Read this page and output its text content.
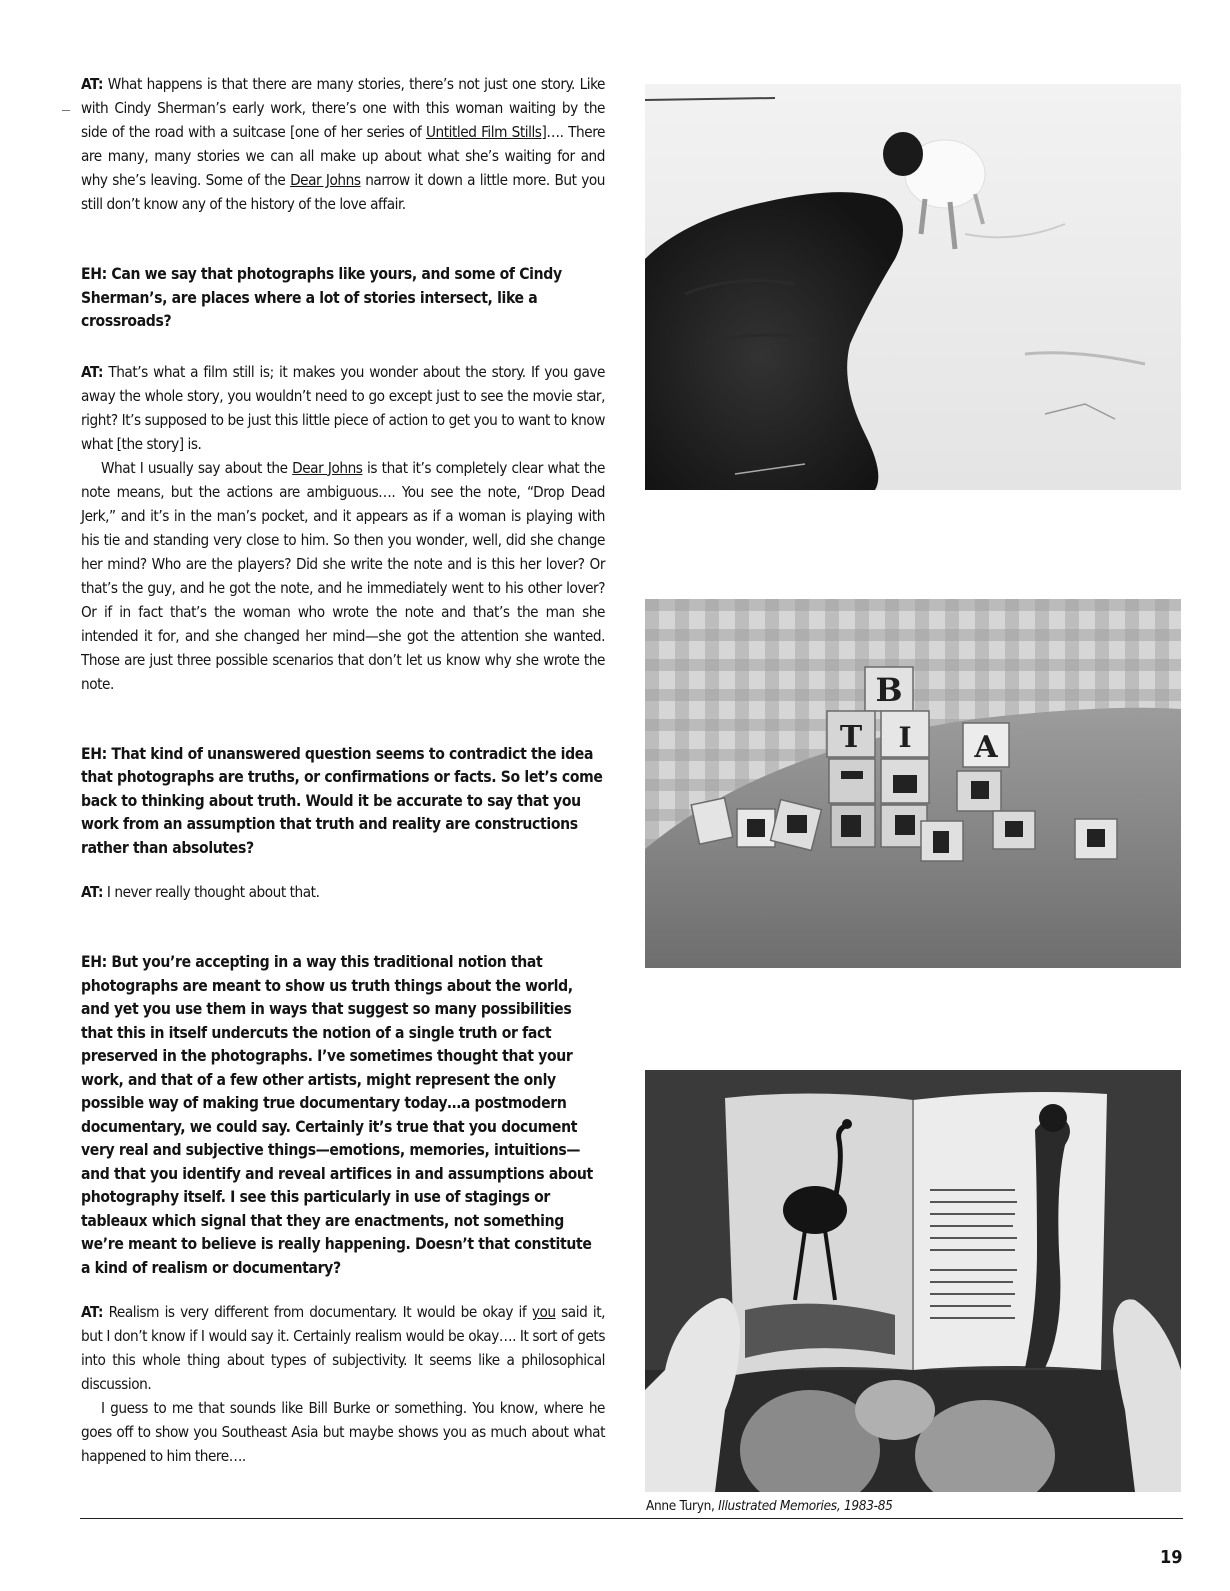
AT: What happens is that there are many stories, there’s not just one story. Like with Cindy Sherman’s early work, there’s one with this woman waiting by the side of the road with a suitcase [one of her series of Untitled Film Stills]…. There are many, many stories we can all make up about what she’s waiting for and why she’s leaving. Some of the Dear Johns narrow it down a little more. But you still don’t know any of the history of the love affair.

EH: Can we say that photographs like yours, and some of Cindy Sherman’s, are places where a lot of stories intersect, like a crossroads?

AT: That’s what a film still is; it makes you wonder about the story. If you gave away the whole story, you wouldn’t need to go except just to see the movie star, right? It’s supposed to be just this little piece of action to get you to want to know what [the story] is.

What I usually say about the Dear Johns is that it’s completely clear what the note means, but the actions are ambiguous…. You see the note, “Drop Dead Jerk,” and it’s in the man’s pocket, and it appears as if a woman is playing with his tie and standing very close to him. So then you wonder, well, did she change her mind? Who are the players? Did she write the note and is this her lover? Or that’s the guy, and he got the note, and he immediately went to his other lover? Or if in fact that’s the woman who wrote the note and that’s the man she intended it for, and she changed her mind—she got the attention she wanted. Those are just three possible scenarios that don’t let us know why she wrote the note.

EH: That kind of unanswered question seems to contradict the idea that photographs are truths, or confirmations or facts. So let’s come back to thinking about truth. Would it be accurate to say that you work from an assumption that truth and reality are constructions rather than absolutes?

AT: I never really thought about that.

EH: But you’re accepting in a way this traditional notion that photographs are meant to show us truth things about the world, and yet you use them in ways that suggest so many possibilities that this in itself undercuts the notion of a single truth or fact preserved in the photographs. I’ve sometimes thought that your work, and that of a few other artists, might represent the only possible way of making true documentary today…a postmodern documentary, we could say. Certainly it’s true that you document very real and subjective things—emotions, memories, intuitions—and that you identify and reveal artifices in and assumptions about photography itself. I see this particularly in use of stagings or tableaux which signal that they are enactments, not something we’re meant to believe is really happening. Doesn’t that constitute a kind of realism or documentary?

AT: Realism is very different from documentary. It would be okay if you said it, but I don’t know if I would say it. Certainly realism would be okay…. It sort of gets into this whole thing about types of subjectivity. It seems like a philosophical discussion.

I guess to me that sounds like Bill Burke or something. You know, where he goes off to show you Southeast Asia but maybe shows you as much about what happened to him there….

B
T	A
I
Anne Turyn, Illustrated Memories, 1983-85
19
